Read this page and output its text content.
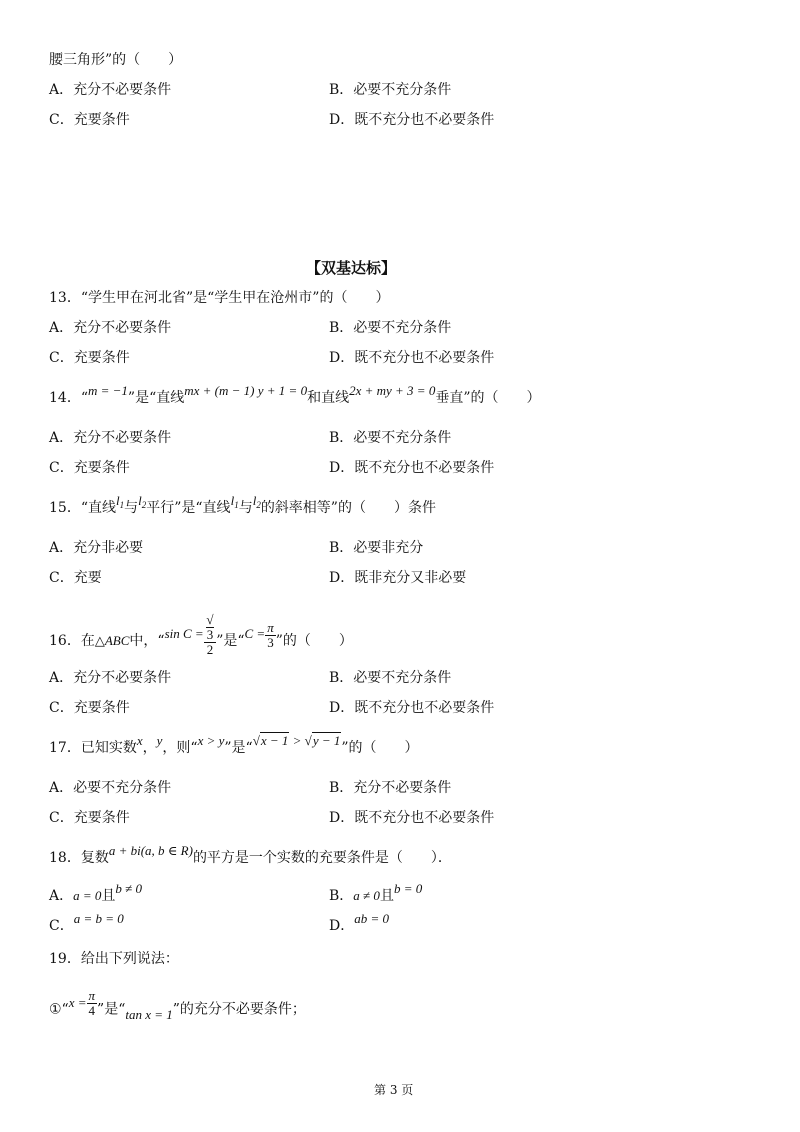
腰三角形”的（　　）
A．充分不必要条件	B．必要不充分条件
C．充要条件	D．既不充分也不必要条件
【双基达标】
13．“学生甲在河北省”是“学生甲在沧州市”的（　　）
A．充分不必要条件	B．必要不充分条件
C．充要条件	D．既不充分也不必要条件
14．“m = −1”是“直线mx + (m − 1) y + 1 = 0和直线2x + my + 3 = 0垂直”的（　　）
A．充分不必要条件	B．必要不充分条件
C．充要条件	D．既不充分也不必要条件
15．“直线$l_1$与$l_2$平行”是“直线$l_1$与$l_2$的斜率相等”的（　　）条件
A．充分非必要	B．必要非充分
C．充要	D．既非充分又非必要
16．在△ABC中，“sin C = √
3
2 ”是“$C = \frac{\pi}{3}$ ”的（　　）
A．充分不必要条件	B．必要不充分条件
C．充要条件	D．既不充分也不必要条件
17．已知实数x，y，则“x > y”是“√x − 1 > √y − 1”的（　　）
A．必要不充分条件	B．充分不必要条件
C．充要条件	D．既不充分也不必要条件
18．复数a + bi(a, b ∈ R)的平方是一个实数的充要条件是（　　）．
A．a = 0且b ≠ 0	B．a ≠ 0且b = 0
C．a = b = 0	D．ab = 0
19．给出下列说法：
①“x = $\frac{\pi}{4}$ ”是“tan x = 1”的充分不必要条件；
第 3 页
